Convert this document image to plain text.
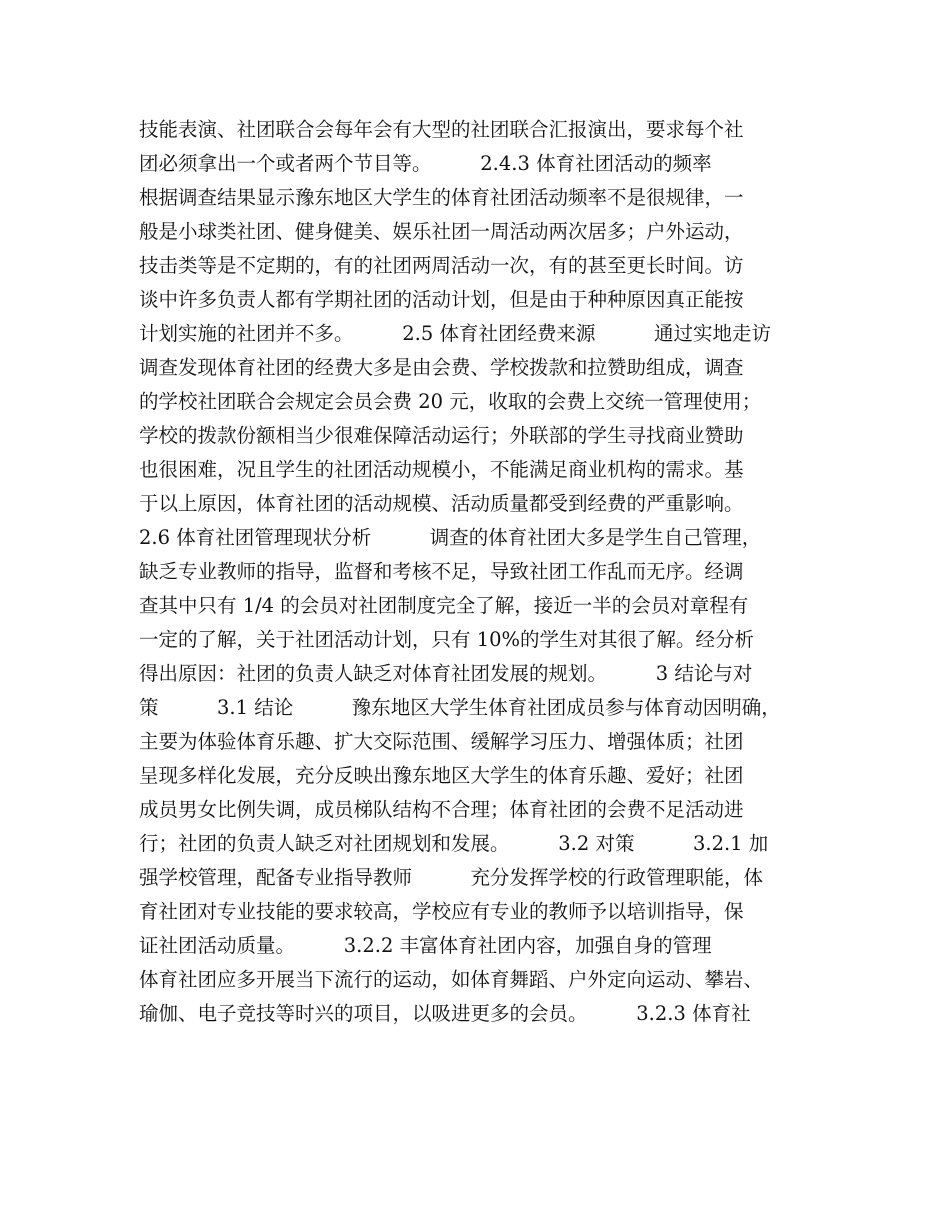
技能表演、社团联合会每年会有大型的社团联合汇报演出，要求每个社
团必须拿出一个或者两个节目等。　　　2.4.3 体育社团活动的频率
根据调查结果显示豫东地区大学生的体育社团活动频率不是很规律，一
般是小球类社团、健身健美、娱乐社团一周活动两次居多；户外运动，
技击类等是不定期的，有的社团两周活动一次，有的甚至更长时间。访
谈中许多负责人都有学期社团的活动计划，但是由于种种原因真正能按
计划实施的社团并不多。　　　2.5 体育社团经费来源　　　通过实地走访
调查发现体育社团的经费大多是由会费、学校拨款和拉赞助组成，调查
的学校社团联合会规定会员会费 20 元，收取的会费上交统一管理使用；
学校的拨款份额相当少很难保障活动运行；外联部的学生寻找商业赞助
也很困难，况且学生的社团活动规模小，不能满足商业机构的需求。基
于以上原因，体育社团的活动规模、活动质量都受到经费的严重影响。
2.6 体育社团管理现状分析　　　调查的体育社团大多是学生自己管理，
缺乏专业教师的指导，监督和考核不足，导致社团工作乱而无序。经调
查其中只有 1/4 的会员对社团制度完全了解，接近一半的会员对章程有
一定的了解，关于社团活动计划，只有 10%的学生对其很了解。经分析
得出原因：社团的负责人缺乏对体育社团发展的规划。　　　3 结论与对
策　　　3.1 结论　　　豫东地区大学生体育社团成员参与体育动因明确，
主要为体验体育乐趣、扩大交际范围、缓解学习压力、增强体质；社团
呈现多样化发展，充分反映出豫东地区大学生的体育乐趣、爱好；社团
成员男女比例失调，成员梯队结构不合理；体育社团的会费不足活动进
行；社团的负责人缺乏对社团规划和发展。　　　3.2 对策　　　3.2.1 加
强学校管理，配备专业指导教师　　　充分发挥学校的行政管理职能，体
育社团对专业技能的要求较高，学校应有专业的教师予以培训指导，保
证社团活动质量。　　　3.2.2 丰富体育社团内容，加强自身的管理
体育社团应多开展当下流行的运动，如体育舞蹈、户外定向运动、攀岩、
瑜伽、电子竞技等时兴的项目，以吸进更多的会员。　　　3.2.3 体育社
